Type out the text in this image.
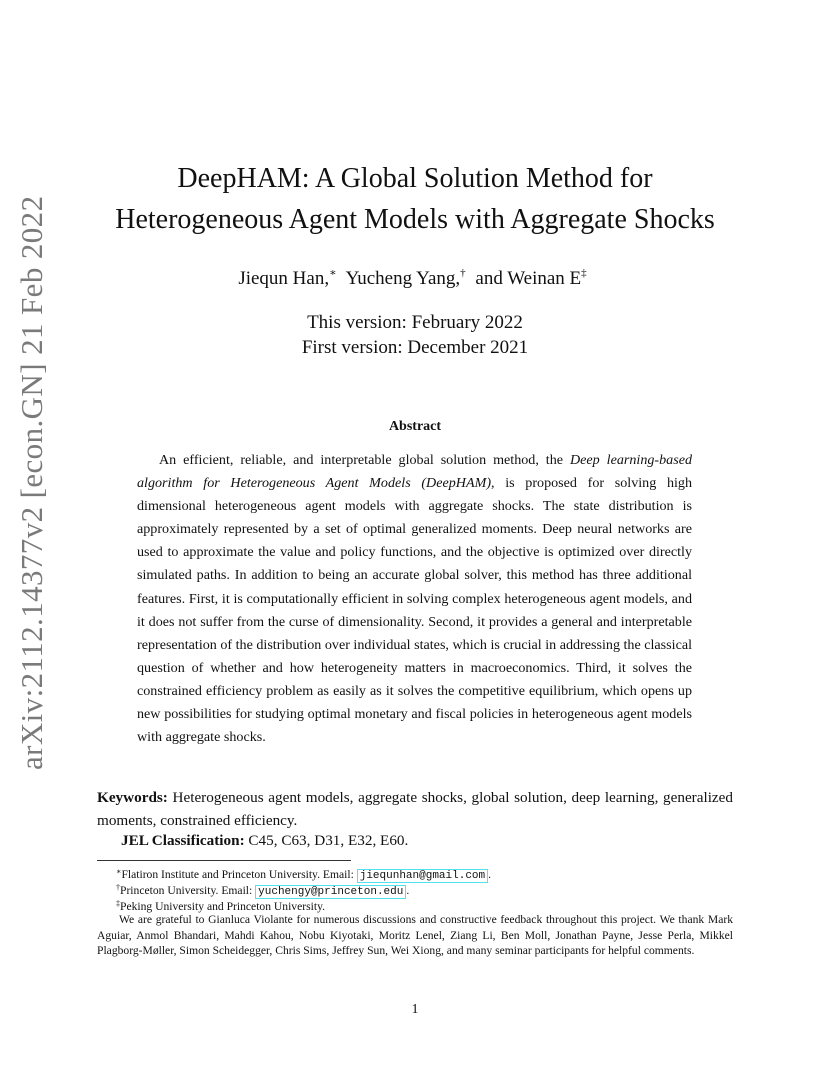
arXiv:2112.14377v2 [econ.GN] 21 Feb 2022
DeepHAM: A Global Solution Method for
Heterogeneous Agent Models with Aggregate Shocks
Jiequn Han,∗ Yucheng Yang,† and Weinan E‡
This version: February 2022
First version: December 2021
Abstract

An efficient, reliable, and interpretable global solution method, the Deep learning-based algorithm for Heterogeneous Agent Models (DeepHAM), is proposed for solving high dimensional heterogeneous agent models with aggregate shocks. The state distribution is approximately represented by a set of optimal generalized moments. Deep neural networks are used to approximate the value and policy functions, and the objective is optimized over directly simulated paths. In addition to being an accurate global solver, this method has three additional features. First, it is computationally efficient in solving complex heterogeneous agent models, and it does not suffer from the curse of dimensionality. Second, it provides a general and interpretable representation of the distribution over individual states, which is crucial in addressing the classical question of whether and how heterogeneity matters in macroeconomics. Third, it solves the constrained efficiency problem as easily as it solves the competitive equilibrium, which opens up new possibilities for studying optimal monetary and fiscal policies in heterogeneous agent models with aggregate shocks.

Keywords: Heterogeneous agent models, aggregate shocks, global solution, deep learning, generalized moments, constrained efficiency.

JEL Classification: C45, C63, D31, E32, E60.
∗Flatiron Institute and Princeton University. Email: jiequnhan@gmail.com .
†Princeton University. Email: yuchengy@princeton.edu .
‡Peking University and Princeton University.

We are grateful to Gianluca Violante for numerous discussions and constructive feedback throughout this project. We thank Mark Aguiar, Anmol Bhandari, Mahdi Kahou, Nobu Kiyotaki, Moritz Lenel, Ziang Li, Ben Moll, Jonathan Payne, Jesse Perla, Mikkel Plagborg-Møller, Simon Scheidegger, Chris Sims, Jeffrey Sun, Wei Xiong, and many seminar participants for helpful comments.

1
